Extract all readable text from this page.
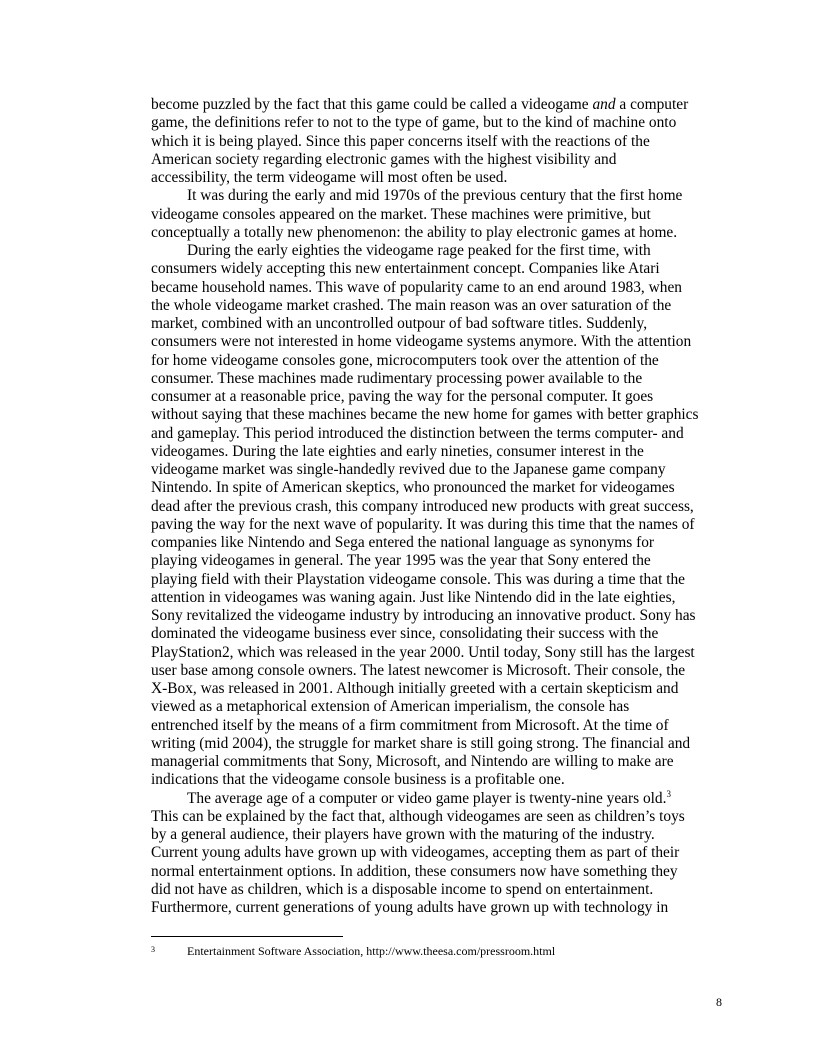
become puzzled by the fact that this game could be called a videogame and a computer
game, the definitions refer to not to the type of game, but to the kind of machine onto
which it is being played. Since this paper concerns itself with the reactions of the
American society regarding electronic games with the highest visibility and
accessibility, the term videogame will most often be used.
It was during the early and mid 1970s of the previous century that the first home
videogame consoles appeared on the market. These machines were primitive, but
conceptually a totally new phenomenon: the ability to play electronic games at home.
During the early eighties the videogame rage peaked for the first time, with
consumers widely accepting this new entertainment concept. Companies like Atari
became household names. This wave of popularity came to an end around 1983, when
the whole videogame market crashed. The main reason was an over saturation of the
market, combined with an uncontrolled outpour of bad software titles. Suddenly,
consumers were not interested in home videogame systems anymore. With the attention
for home videogame consoles gone, microcomputers took over the attention of the
consumer. These machines made rudimentary processing power available to the
consumer at a reasonable price, paving the way for the personal computer. It goes
without saying that these machines became the new home for games with better graphics
and gameplay. This period introduced the distinction between the terms computer- and
videogames. During the late eighties and early nineties, consumer interest in the
videogame market was single-handedly revived due to the Japanese game company
Nintendo. In spite of American skeptics, who pronounced the market for videogames
dead after the previous crash, this company introduced new products with great success,
paving the way for the next wave of popularity. It was during this time that the names of
companies like Nintendo and Sega entered the national language as synonyms for
playing videogames in general. The year 1995 was the year that Sony entered the
playing field with their Playstation videogame console. This was during a time that the
attention in videogames was waning again. Just like Nintendo did in the late eighties,
Sony revitalized the videogame industry by introducing an innovative product. Sony has
dominated the videogame business ever since, consolidating their success with the
PlayStation2, which was released in the year 2000. Until today, Sony still has the largest
user base among console owners. The latest newcomer is Microsoft. Their console, the
X-Box, was released in 2001. Although initially greeted with a certain skepticism and
viewed as a metaphorical extension of American imperialism, the console has
entrenched itself by the means of a firm commitment from Microsoft. At the time of
writing (mid 2004), the struggle for market share is still going strong. The financial and
managerial commitments that Sony, Microsoft, and Nintendo are willing to make are
indications that the videogame console business is a profitable one.
The average age of a computer or video game player is twenty-nine years old.$^3$
This can be explained by the fact that, although videogames are seen as children’s toys
by a general audience, their players have grown with the maturing of the industry.
Current young adults have grown up with videogames, accepting them as part of their
normal entertainment options. In addition, these consumers now have something they
did not have as children, which is a disposable income to spend on entertainment.
Furthermore, current generations of young adults have grown up with technology in
3	Entertainment Software Association, http://www.theesa.com/pressroom.html
8
